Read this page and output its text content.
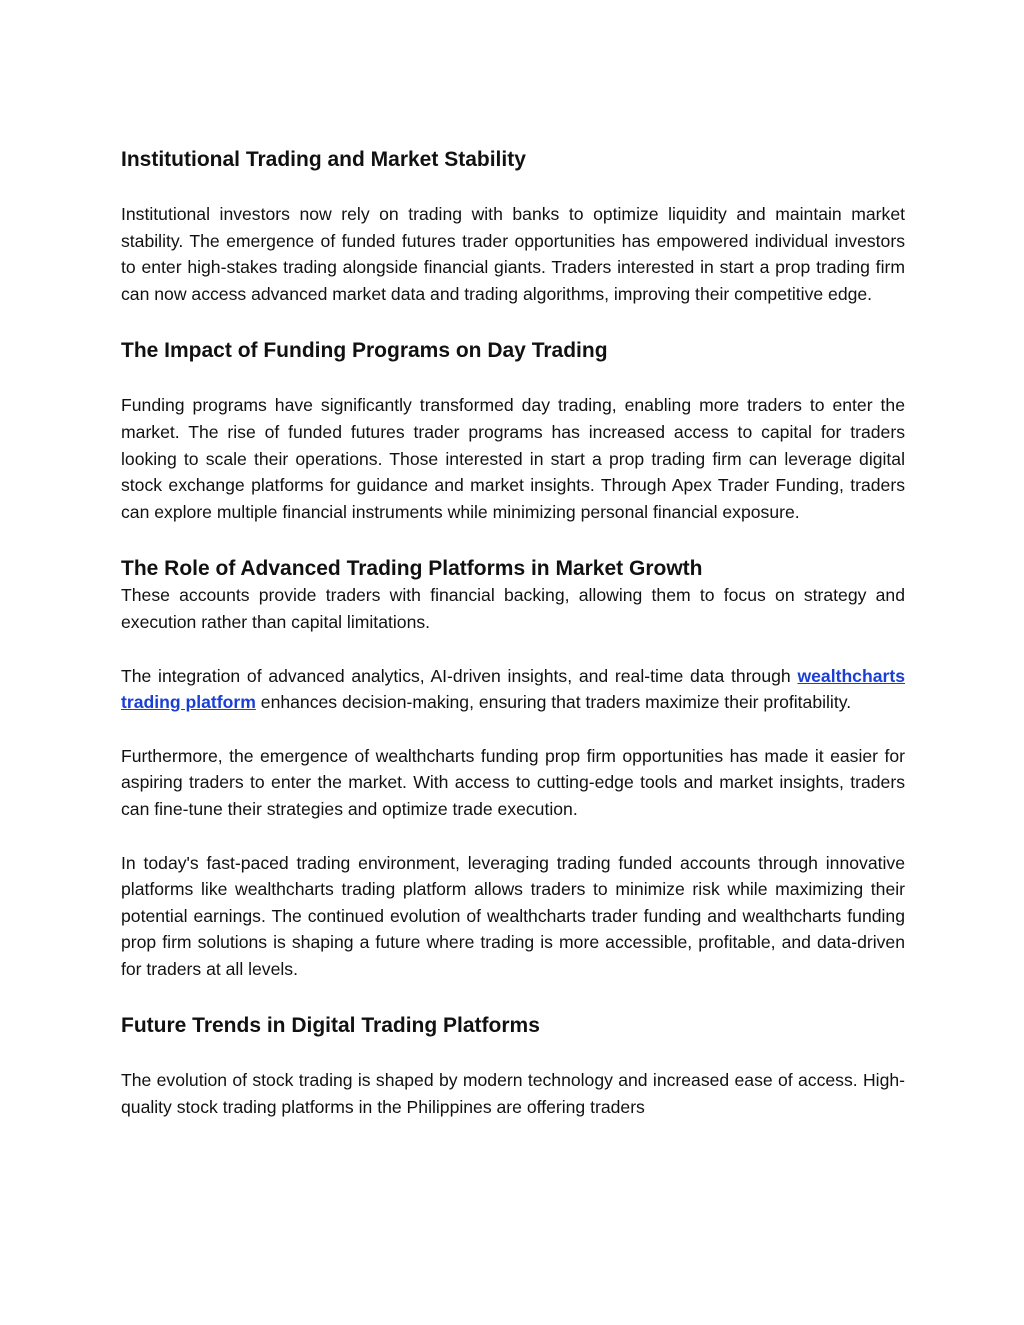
Institutional Trading and Market Stability

Institutional investors now rely on trading with banks to optimize liquidity and maintain market stability. The emergence of funded futures trader opportunities has empowered individual investors to enter high-stakes trading alongside financial giants. Traders interested in start a prop trading firm can now access advanced market data and trading algorithms, improving their competitive edge.

The Impact of Funding Programs on Day Trading

Funding programs have significantly transformed day trading, enabling more traders to enter the market. The rise of funded futures trader programs has increased access to capital for traders looking to scale their operations. Those interested in start a prop trading firm can leverage digital stock exchange platforms for guidance and market insights. Through Apex Trader Funding, traders can explore multiple financial instruments while minimizing personal financial exposure.

The Role of Advanced Trading Platforms in Market Growth

These accounts provide traders with financial backing, allowing them to focus on strategy and execution rather than capital limitations.

The integration of advanced analytics, AI-driven insights, and real-time data through wealthcharts trading platform enhances decision-making, ensuring that traders maximize their profitability.

Furthermore, the emergence of wealthcharts funding prop firm opportunities has made it easier for aspiring traders to enter the market. With access to cutting-edge tools and market insights, traders can fine-tune their strategies and optimize trade execution.

In today's fast-paced trading environment, leveraging trading funded accounts through innovative platforms like wealthcharts trading platform allows traders to minimize risk while maximizing their potential earnings. The continued evolution of wealthcharts trader funding and wealthcharts funding prop firm solutions is shaping a future where trading is more accessible, profitable, and data-driven for traders at all levels.

Future Trends in Digital Trading Platforms

The evolution of stock trading is shaped by modern technology and increased ease of access. High-quality stock trading platforms in the Philippines are offering traders
